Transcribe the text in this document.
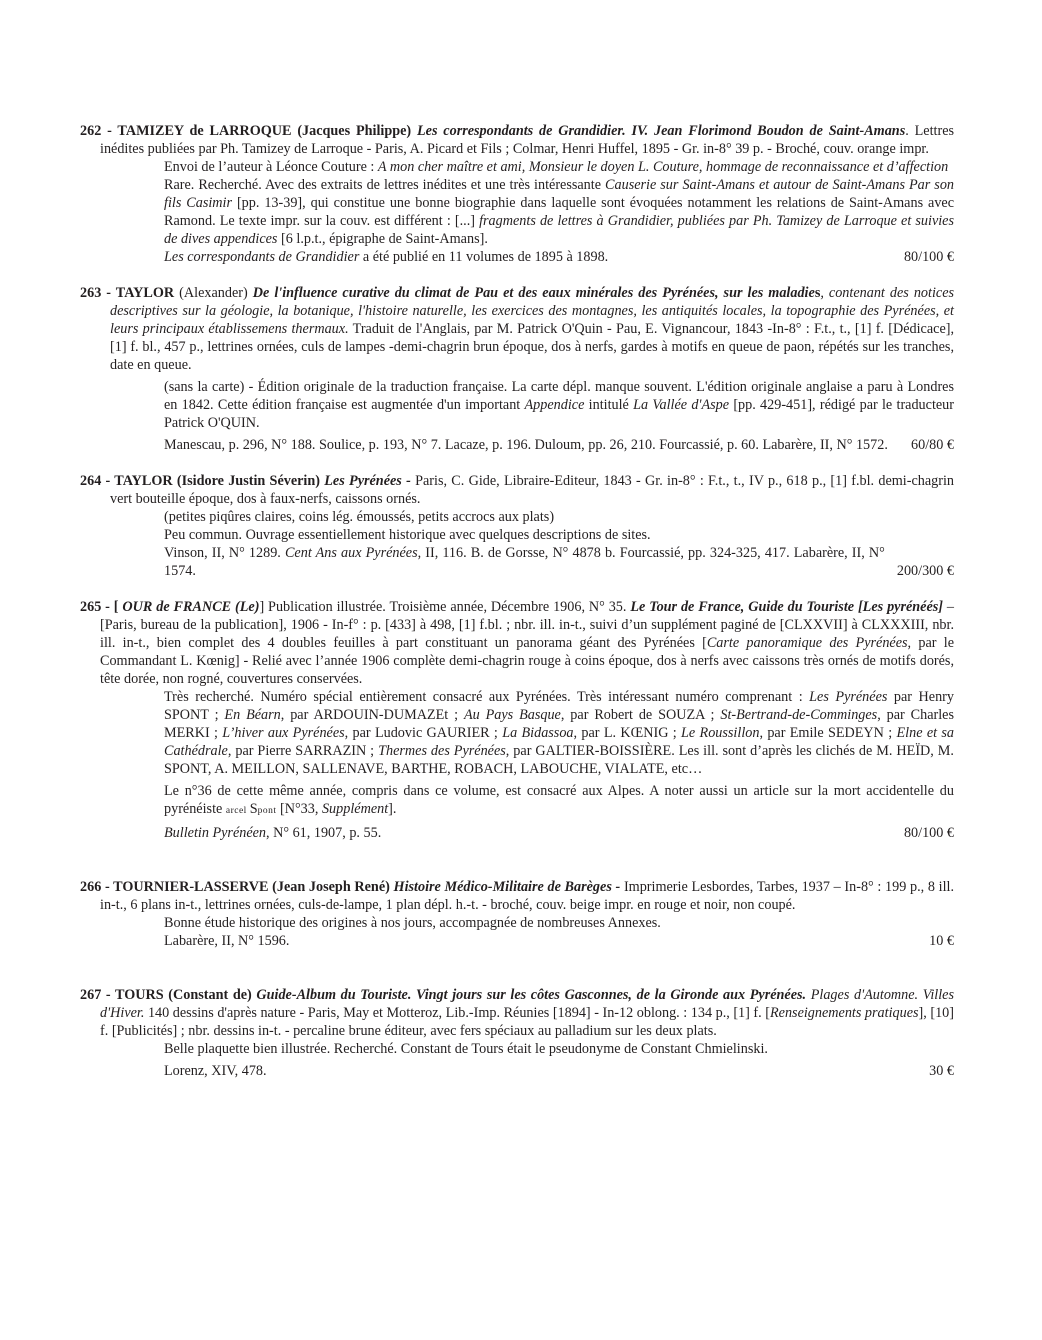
262 - TAMIZEY de LARROQUE (Jacques Philippe) Les correspondants de Grandidier. IV. Jean Florimond Boudon de Saint-Amans. Lettres inédites publiées par Ph. Tamizey de Larroque - Paris, A. Picard et Fils ; Colmar, Henri Huffel, 1895 - Gr. in-8° 39 p. - Broché, couv. orange impr.
Envoi de l’auteur à Léonce Couture : A mon cher maître et ami, Monsieur le doyen L. Couture, hommage de reconnaissance et d’affection
Rare. Recherché. Avec des extraits de lettres inédites et une très intéressante Causerie sur Saint-Amans et autour de Saint-Amans Par son fils Casimir [pp. 13-39], qui constitue une bonne biographie dans laquelle sont évoquées notamment les relations de Saint-Amans avec Ramond. Le texte impr. sur la couv. est différent : [...] fragments de lettres à Grandidier, publiées par Ph. Tamizey de Larroque et suivies de dives appendices [6 l.p.t., épigraphe de Saint-Amans].
Les correspondants de Grandidier a été publié en 11 volumes de 1895 à 1898.	80/100 €
263 - TAYLOR (Alexander) De l'influence curative du climat de Pau et des eaux minérales des Pyrénées, sur les maladies, contenant des notices descriptives sur la géologie, la botanique, l'histoire naturelle, les exercices des montagnes, les antiquités locales, la topographie des Pyrénées, et leurs principaux établissemens thermaux. Traduit de l'Anglais, par M. Patrick O'Quin - Pau, E. Vignancour, 1843 -In-8° : F.t., t., [1] f. [Dédicace], [1] f. bl., 457 p., lettrines ornées, culs de lampes -demi-chagrin brun époque, dos à nerfs, gardes à motifs en queue de paon, répétés sur les tranches, date en queue.
(sans la carte) - Édition originale de la traduction française. La carte dépl. manque souvent. L'édition originale anglaise a paru à Londres en 1842. Cette édition française est augmentée d'un important Appendice intitulé La Vallée d'Aspe [pp. 429-451], rédigé par le traducteur Patrick O'QUIN.
Manescau, p. 296, N° 188. Soulice, p. 193, N° 7. Lacaze, p. 196. Duloum, pp. 26, 210. Fourcassié, p. 60. Labarère, II, N° 1572.	60/80 €
264 - TAYLOR (Isidore Justin Séverin) Les Pyrénées - Paris, C. Gide, Libraire-Editeur, 1843 - Gr. in-8° : F.t., t., IV p., 618 p., [1] f.bl. demi-chagrin vert bouteille époque, dos à faux-nerfs, caissons ornés.
(petites piqûres claires, coins lég. émoussés, petits accrocs aux plats)
Peu commun. Ouvrage essentiellement historique avec quelques descriptions de sites.
Vinson, II, N° 1289. Cent Ans aux Pyrénées, II, 116. B. de Gorsse, N° 4878 b. Fourcassié, pp. 324-325, 417. Labarère, II, N° 1574.	200/300 €
265 - [ OUR de FRANCE (Le)] Publication illustrée. Troisième année, Décembre 1906, N° 35. Le Tour de France, Guide du Touriste [Les pyrénéés] – [Paris, bureau de la publication], 1906 - In-f° : p. [433] à 498, [1] f.bl. ; nbr. ill. in-t., suivi d’un supplément paginé de [CLXXVII] à CLXXXIII, nbr. ill. in-t., bien complet des 4 doubles feuilles à part constituant un panorama géant des Pyrénées [Carte panoramique des Pyrénées, par le Commandant L. Kœnig] - Relié avec l’année 1906 complète demi-chagrin rouge à coins époque, dos à nerfs avec caissons très ornés de motifs dorés, tête dorée, non rogné, couvertures conservées.
Très recherché. Numéro spécial entièrement consacré aux Pyrénées. Très intéressant numéro comprenant : Les Pyrénées par Henry SPONT ; En Béarn, par ARDOUIN-DUMAZEt ; Au Pays Basque, par Robert de SOUZA ; St-Bertrand-de-Comminges, par Charles MERKI ; L’hiver aux Pyrénées, par Ludovic GAURIER ; La Bidassoa, par L. KŒNIG ; Le Roussillon, par Emile SEDEYN ; Elne et sa Cathédrale, par Pierre SARRAZIN ; Thermes des Pyrénées, par GALTIER-BOISSIÈRE. Les ill. sont d’après les clichés de M. HEÏD, M. SPONT, A. MEILLON, SALLENAVE, BARTHE, ROBACH, LABOUCHE, VIALATE, etc…
Le n°36 de cette même année, compris dans ce volume, est consacré aux Alpes. A noter aussi un article sur la mort accidentelle du pyrénéiste arcel Spont [N°33, Supplément].
Bulletin Pyrénéen, N° 61, 1907, p. 55.	80/100 €
266 - TOURNIER-LASSERVE (Jean Joseph René) Histoire Médico-Militaire de Barèges - Imprimerie Lesbordes, Tarbes, 1937 – In-8° : 199 p., 8 ill. in-t., 6 plans in-t., lettrines ornées, culs-de-lampe, 1 plan dépl. h.-t. - broché, couv. beige impr. en rouge et noir, non coupé.
Bonne étude historique des origines à nos jours, accompagnée de nombreuses Annexes.
Labarère, II, N° 1596.	10 €
267 - TOURS (Constant de) Guide-Album du Touriste. Vingt jours sur les côtes Gasconnes, de la Gironde aux Pyrénées. Plages d'Automne. Villes d'Hiver. 140 dessins d'après nature - Paris, May et Motteroz, Lib.-Imp. Réunies [1894] - In-12 oblong. : 134 p., [1] f. [Renseignements pratiques], [10] f. [Publicités] ; nbr. dessins in-t. - percaline brune éditeur, avec fers spéciaux au palladium sur les deux plats.
Belle plaquette bien illustrée. Recherché. Constant de Tours était le pseudonyme de Constant Chmielinski.
Lorenz, XIV, 478.	30 €
